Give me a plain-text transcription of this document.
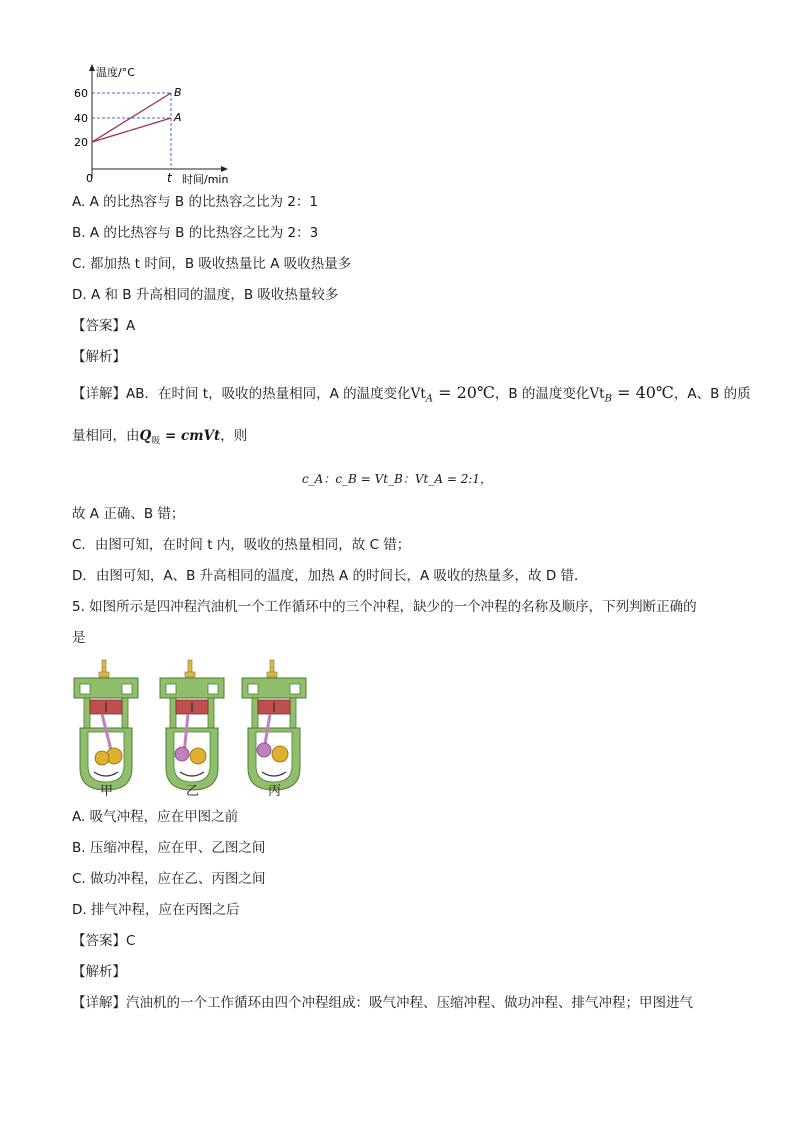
温度/°C
60
40
20
0	t 时间/min
B
A
A. A 的比热容与 B 的比热容之比为 2：1
B. A 的比热容与 B 的比热容之比为 2：3
C. 都加热 t 时间，B 吸收热量比 A 吸收热量多
D. A 和 B 升高相同的温度，B 吸收热量较多
【答案】A
【解析】
【详解】AB．在时间 t，吸收的热量相同，A 的温度变化$Vt_A$ = 20℃，B 的温度变化$Vt_B$ = 40℃，A、B 的质
量相同，由$Q_吸$ = cmVt，则
c_A：c_B = Vt_B：Vt_A = 2:1，
故 A 正确、B 错；
C．由图可知，在时间 t 内，吸收的热量相同，故 C 错；
D．由图可知，A、B 升高相同的温度，加热 A 的时间长，A 吸收的热量多，故 D 错．
5. 如图所示是四冲程汽油机一个工作循环中的三个冲程，缺少的一个冲程的名称及顺序，下列判断正确的
是
甲	乙	丙
A. 吸气冲程，应在甲图之前
B. 压缩冲程，应在甲、乙图之间
C. 做功冲程，应在乙、丙图之间
D. 排气冲程，应在丙图之后
【答案】C
【解析】
【详解】汽油机的一个工作循环由四个冲程组成：吸气冲程、压缩冲程、做功冲程、排气冲程；甲图进气
